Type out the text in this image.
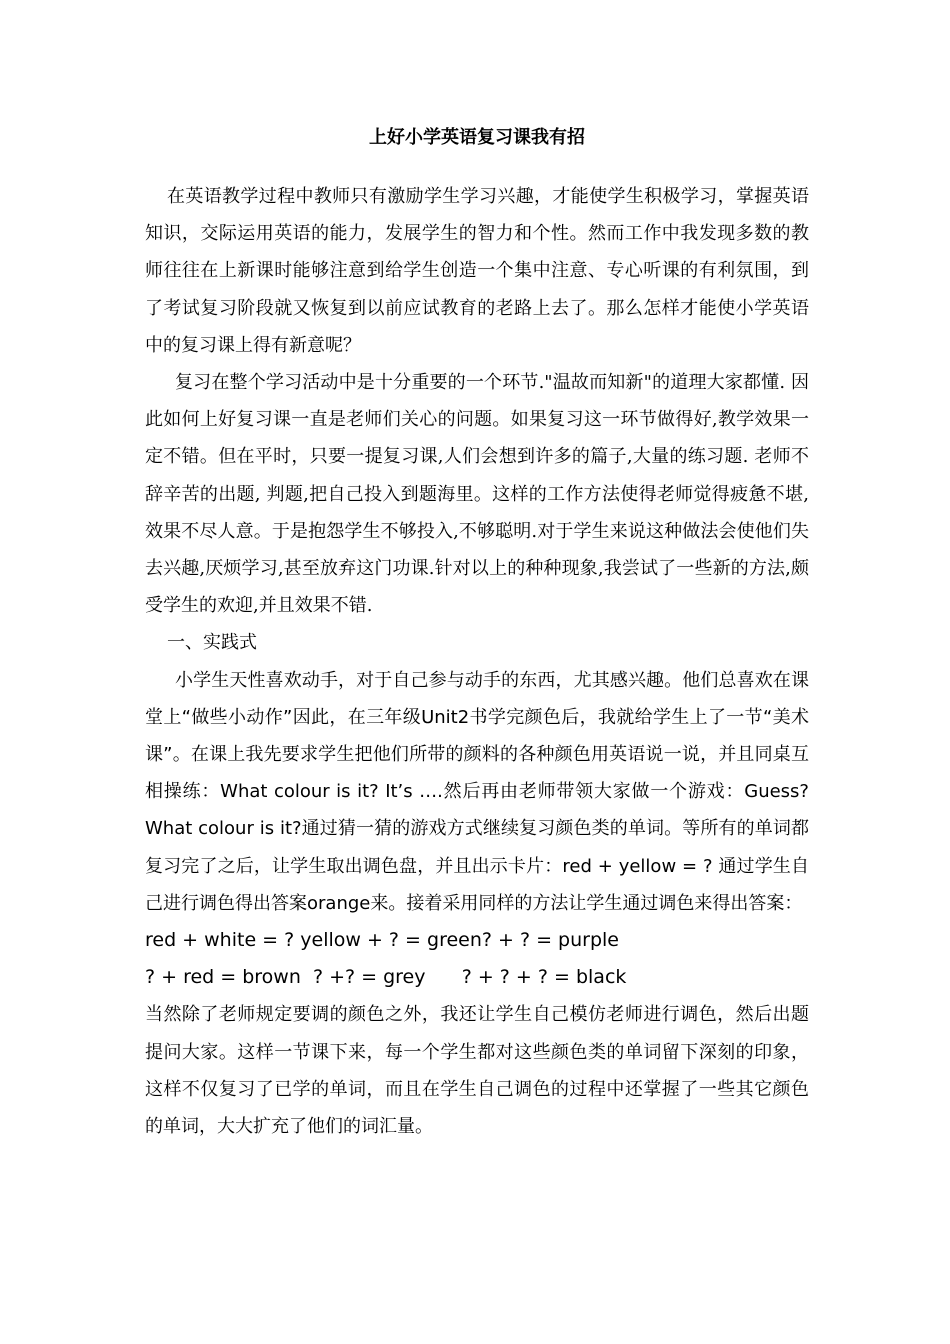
上好小学英语复习课我有招

在英语教学过程中教师只有激励学生学习兴趣，才能使学生积极学习，掌握英语知识，交际运用英语的能力，发展学生的智力和个性。然而工作中我发现多数的教师往往在上新课时能够注意到给学生创造一个集中注意、专心听课的有利氛围，到了考试复习阶段就又恢复到以前应试教育的老路上去了。那么怎样才能使小学英语中的复习课上得有新意呢？

复习在整个学习活动中是十分重要的一个环节."温故而知新"的道理大家都懂. 因此如何上好复习课一直是老师们关心的问题。如果复习这一环节做得好,教学效果一定不错。但在平时，只要一提复习课,人们会想到许多的篇子,大量的练习题. 老师不辞辛苦的出题, 判题,把自己投入到题海里。这样的工作方法使得老师觉得疲惫不堪,效果不尽人意。于是抱怨学生不够投入,不够聪明.对于学生来说这种做法会使他们失去兴趣,厌烦学习,甚至放弃这门功课.针对以上的种种现象,我尝试了一些新的方法,颇受学生的欢迎,并且效果不错.

一、实践式

小学生天性喜欢动手，对于自己参与动手的东西，尤其感兴趣。他们总喜欢在课堂上“做些小动作”因此，在三年级Unit2书学完颜色后，我就给学生上了一节“美术课”。在课上我先要求学生把他们所带的颜料的各种颜色用英语说一说，并且同桌互相操练：What colour is it? It’s ….然后再由老师带领大家做一个游戏：Guess? What colour is it?通过猜一猜的游戏方式继续复习颜色类的单词。等所有的单词都复习完了之后，让学生取出调色盘，并且出示卡片：red + yellow = ? 通过学生自己进行调色得出答案orange来。接着采用同样的方法让学生通过调色来得出答案：

red + white = ? yellow + ? = green? + ? = purple

? + red = brown  ? +? = grey      ? + ? + ? = black

当然除了老师规定要调的颜色之外，我还让学生自己模仿老师进行调色，然后出题提问大家。这样一节课下来，每一个学生都对这些颜色类的单词留下深刻的印象，这样不仅复习了已学的单词，而且在学生自己调色的过程中还掌握了一些其它颜色的单词，大大扩充了他们的词汇量。
